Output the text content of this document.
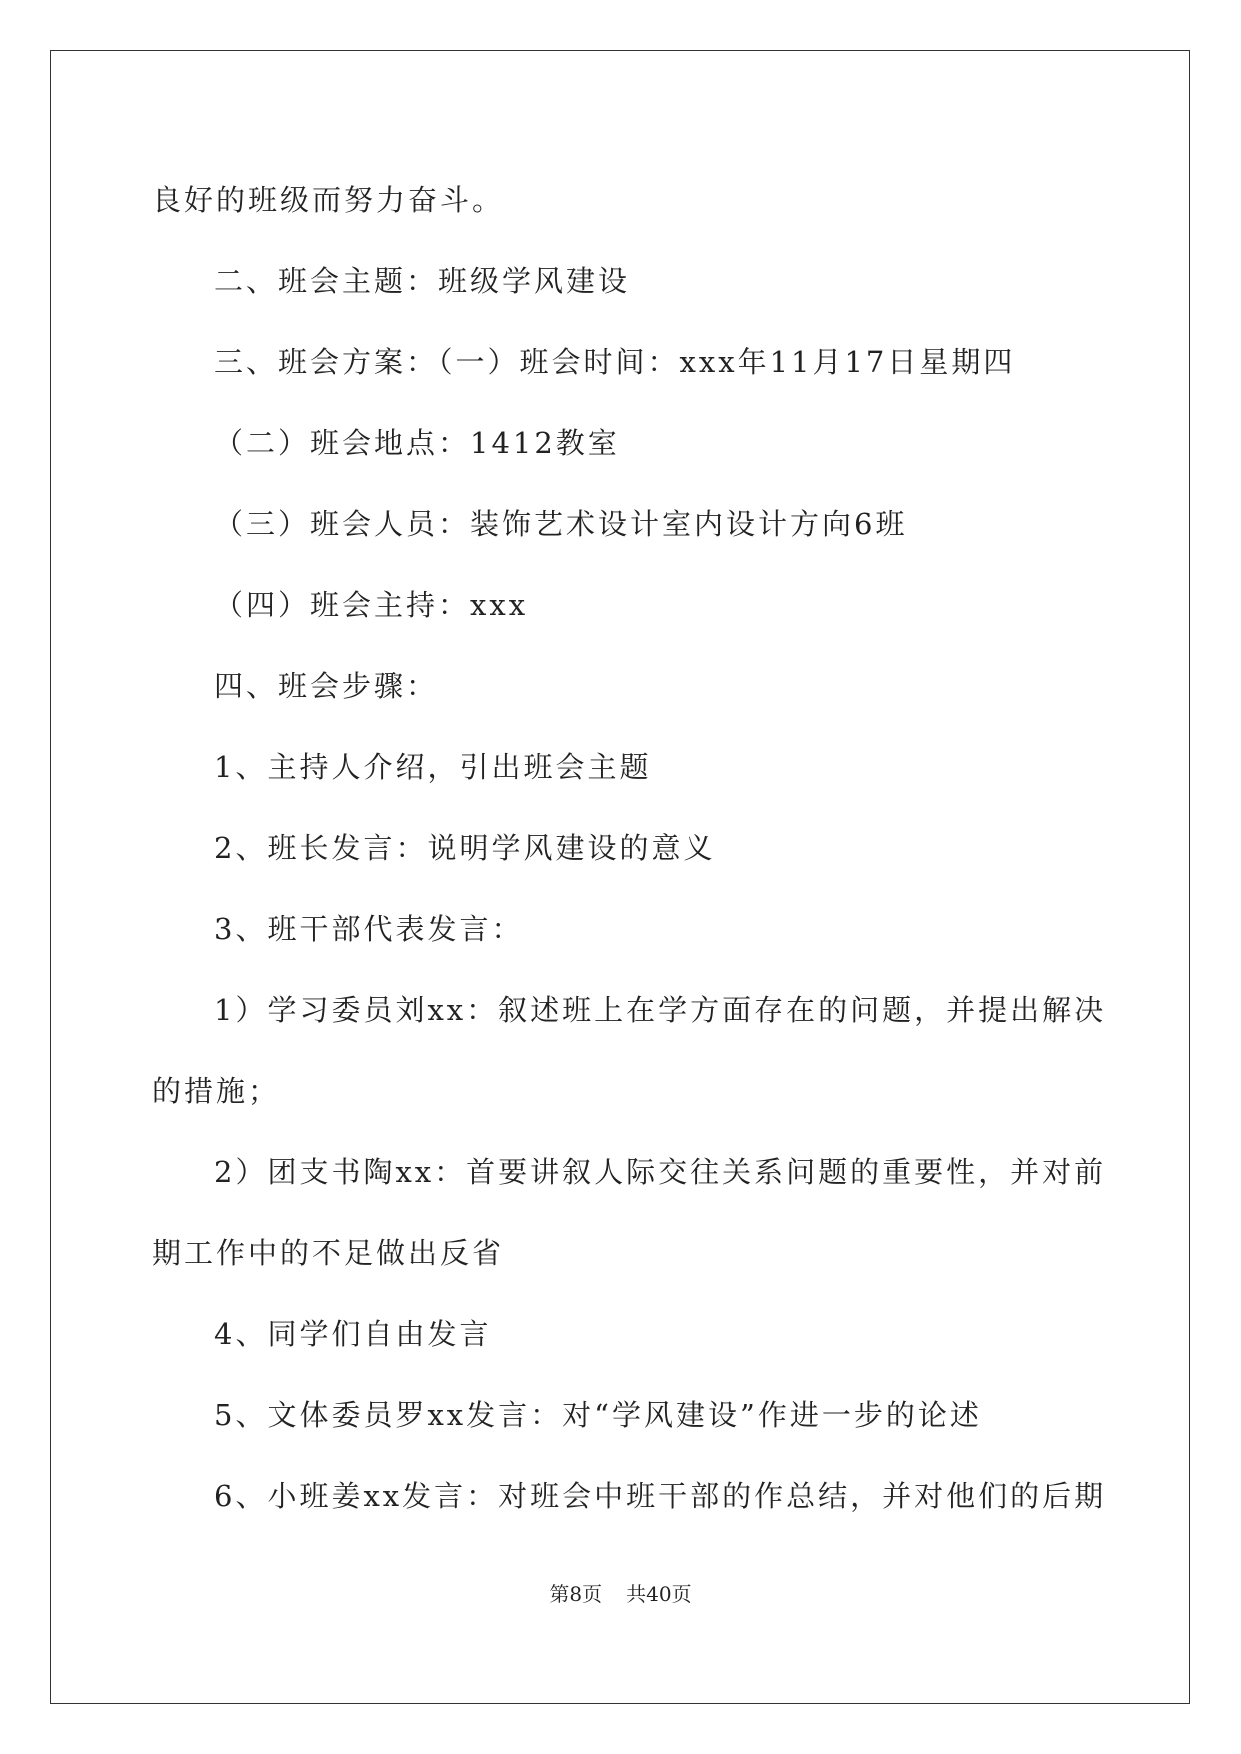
良好的班级而努力奋斗。

二、班会主题：班级学风建设

三、班会方案：（一）班会时间：xxx年11月17日星期四

（二）班会地点：1412教室

（三）班会人员：装饰艺术设计室内设计方向6班

（四）班会主持：xxx

四、班会步骤：

1、主持人介绍，引出班会主题

2、班长发言：说明学风建设的意义

3、班干部代表发言：

1）学习委员刘xx：叙述班上在学方面存在的问题，并提出解决

的措施；

2）团支书陶xx：首要讲叙人际交往关系问题的重要性，并对前

期工作中的不足做出反省

4、同学们自由发言

5、文体委员罗xx发言：对“学风建设”作进一步的论述

6、小班姜xx发言：对班会中班干部的作总结，并对他们的后期

第8页 共40页
